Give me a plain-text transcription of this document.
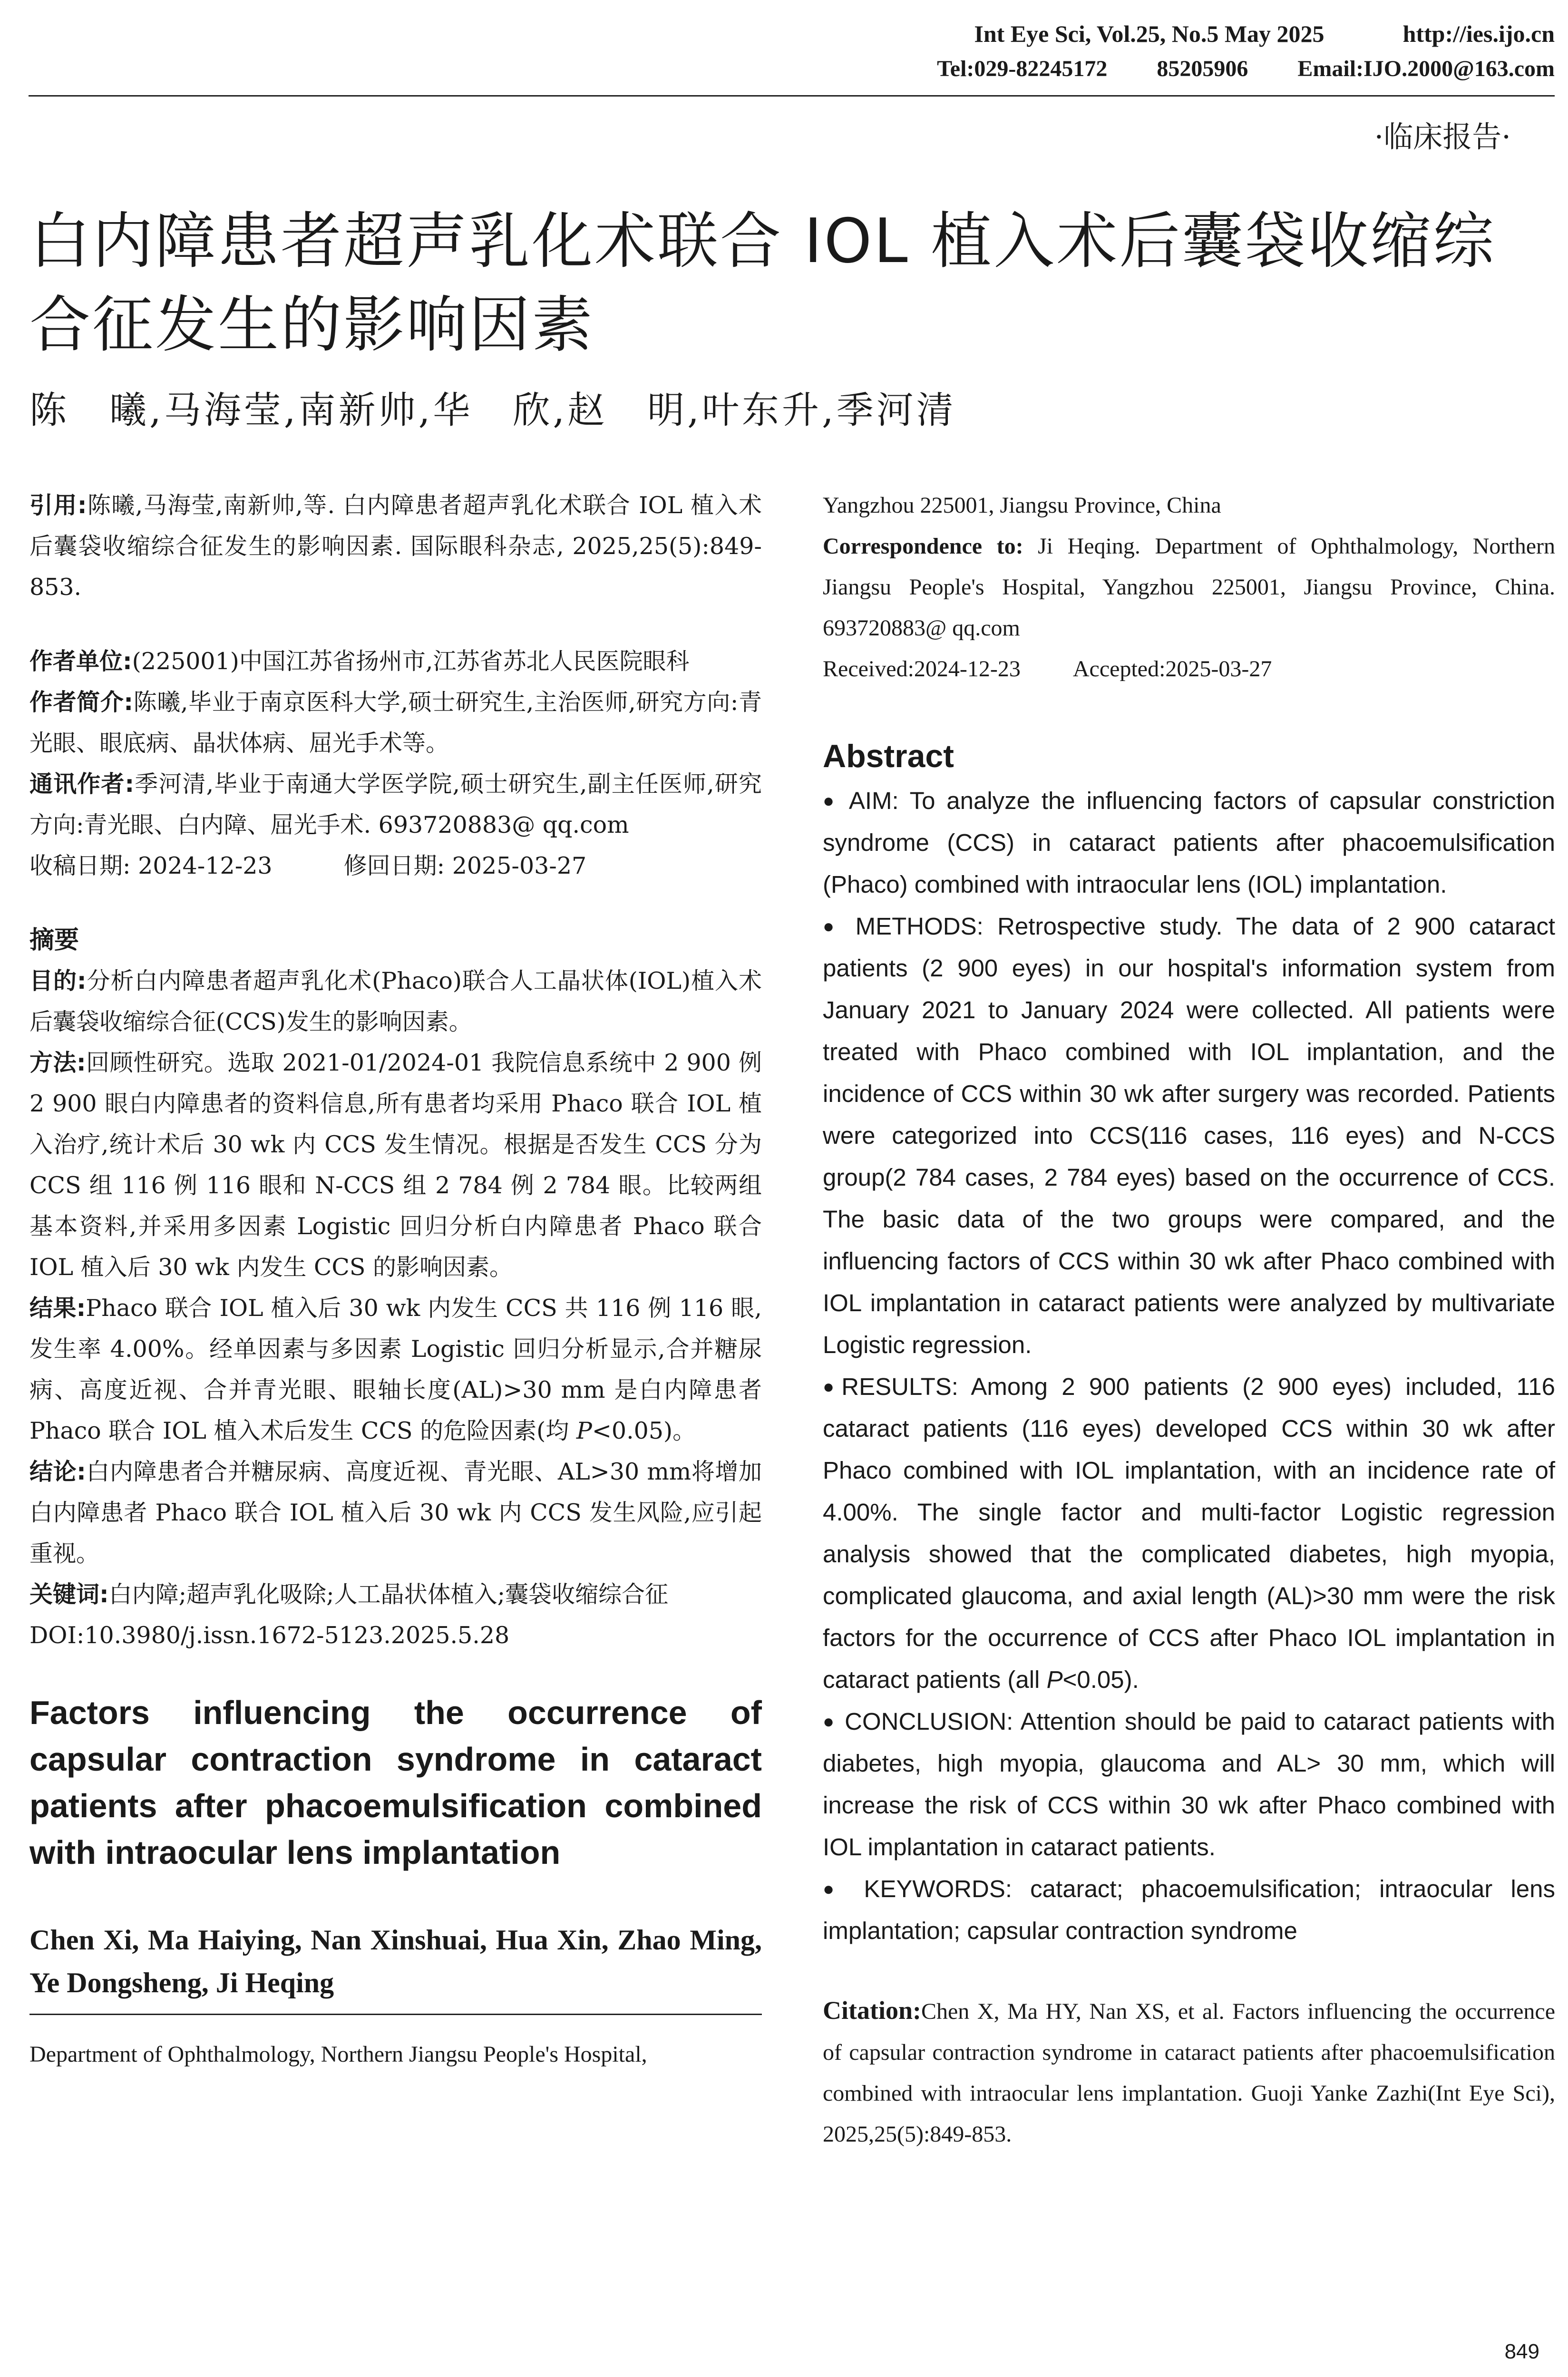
Int Eye Sci, Vol.25, No.5 May 2025	http://ies.ijo.cn
Tel:029-82245172 85205906 Email:IJO.2000@163.com
·临床报告·
白内障患者超声乳化术联合 IOL 植入术后囊袋收缩综合征发生的影响因素
陈　曦,马海莹,南新帅,华　欣,赵　明,叶东升,季河清

引用:陈曦,马海莹,南新帅,等. 白内障患者超声乳化术联合 IOL 植入术后囊袋收缩综合征发生的影响因素. 国际眼科杂志, 2025,25(5):849-853.

作者单位:(225001)中国江苏省扬州市,江苏省苏北人民医院眼科

作者简介:陈曦,毕业于南京医科大学,硕士研究生,主治医师,研究方向:青光眼、眼底病、晶状体病、屈光手术等。

通讯作者:季河清,毕业于南通大学医学院,硕士研究生,副主任医师,研究方向:青光眼、白内障、屈光手术. 693720883@ qq.com

收稿日期: 2024-12-23	修回日期: 2025-03-27

摘要

目的:分析白内障患者超声乳化术(Phaco)联合人工晶状体(IOL)植入术后囊袋收缩综合征(CCS)发生的影响因素。

方法:回顾性研究。选取 2021-01/2024-01 我院信息系统中 2 900 例 2 900 眼白内障患者的资料信息,所有患者均采用 Phaco 联合 IOL 植入治疗,统计术后 30 wk 内 CCS 发生情况。根据是否发生 CCS 分为 CCS 组 116 例 116 眼和 N-CCS 组 2 784 例 2 784 眼。比较两组基本资料,并采用多因素 Logistic 回归分析白内障患者 Phaco 联合 IOL 植入后 30 wk 内发生 CCS 的影响因素。

结果:Phaco 联合 IOL 植入后 30 wk 内发生 CCS 共 116 例 116 眼,发生率 4.00%。经单因素与多因素 Logistic 回归分析显示,合并糖尿病、高度近视、合并青光眼、眼轴长度(AL)>30 mm 是白内障患者 Phaco 联合 IOL 植入术后发生 CCS 的危险因素(均 P<0.05)。

结论:白内障患者合并糖尿病、高度近视、青光眼、AL>30 mm将增加白内障患者 Phaco 联合 IOL 植入后 30 wk 内 CCS 发生风险,应引起重视。

关键词:白内障;超声乳化吸除;人工晶状体植入;囊袋收缩综合征

DOI:10.3980/j.issn.1672-5123.2025.5.28

Factors influencing the occurrence of capsular contraction syndrome in cataract patients after phacoemulsification combined with intraocular lens implantation

Chen Xi, Ma Haiying, Nan Xinshuai, Hua Xin, Zhao Ming, Ye Dongsheng, Ji Heqing

Department of Ophthalmology, Northern Jiangsu People's Hospital,

Yangzhou 225001, Jiangsu Province, China

Correspondence to: Ji Heqing. Department of Ophthalmology, Northern Jiangsu People's Hospital, Yangzhou 225001, Jiangsu Province, China. 693720883@ qq.com

Received:2024-12-23 Accepted:2025-03-27

Abstract

● AIM: To analyze the influencing factors of capsular constriction syndrome (CCS) in cataract patients after phacoemulsification (Phaco) combined with intraocular lens (IOL) implantation.

● METHODS: Retrospective study. The data of 2 900 cataract patients (2 900 eyes) in our hospital's information system from January 2021 to January 2024 were collected. All patients were treated with Phaco combined with IOL implantation, and the incidence of CCS within 30 wk after surgery was recorded. Patients were categorized into CCS(116 cases, 116 eyes) and N-CCS group(2 784 cases, 2 784 eyes) based on the occurrence of CCS. The basic data of the two groups were compared, and the influencing factors of CCS within 30 wk after Phaco combined with IOL implantation in cataract patients were analyzed by multivariate Logistic regression.

●RESULTS: Among 2 900 patients (2 900 eyes) included, 116 cataract patients (116 eyes) developed CCS within 30 wk after Phaco combined with IOL implantation, with an incidence rate of 4.00%. The single factor and multi-factor Logistic regression analysis showed that the complicated diabetes, high myopia, complicated glaucoma, and axial length (AL)>30 mm were the risk factors for the occurrence of CCS after Phaco IOL implantation in cataract patients (all P<0.05).

● CONCLUSION: Attention should be paid to cataract patients with diabetes, high myopia, glaucoma and AL> 30 mm, which will increase the risk of CCS within 30 wk after Phaco combined with IOL implantation in cataract patients.

● KEYWORDS: cataract; phacoemulsification; intraocular lens implantation; capsular contraction syndrome

Citation:Chen X, Ma HY, Nan XS, et al. Factors influencing the occurrence of capsular contraction syndrome in cataract patients after phacoemulsification combined with intraocular lens implantation. Guoji Yanke Zazhi(Int Eye Sci), 2025,25(5):849-853.

849
